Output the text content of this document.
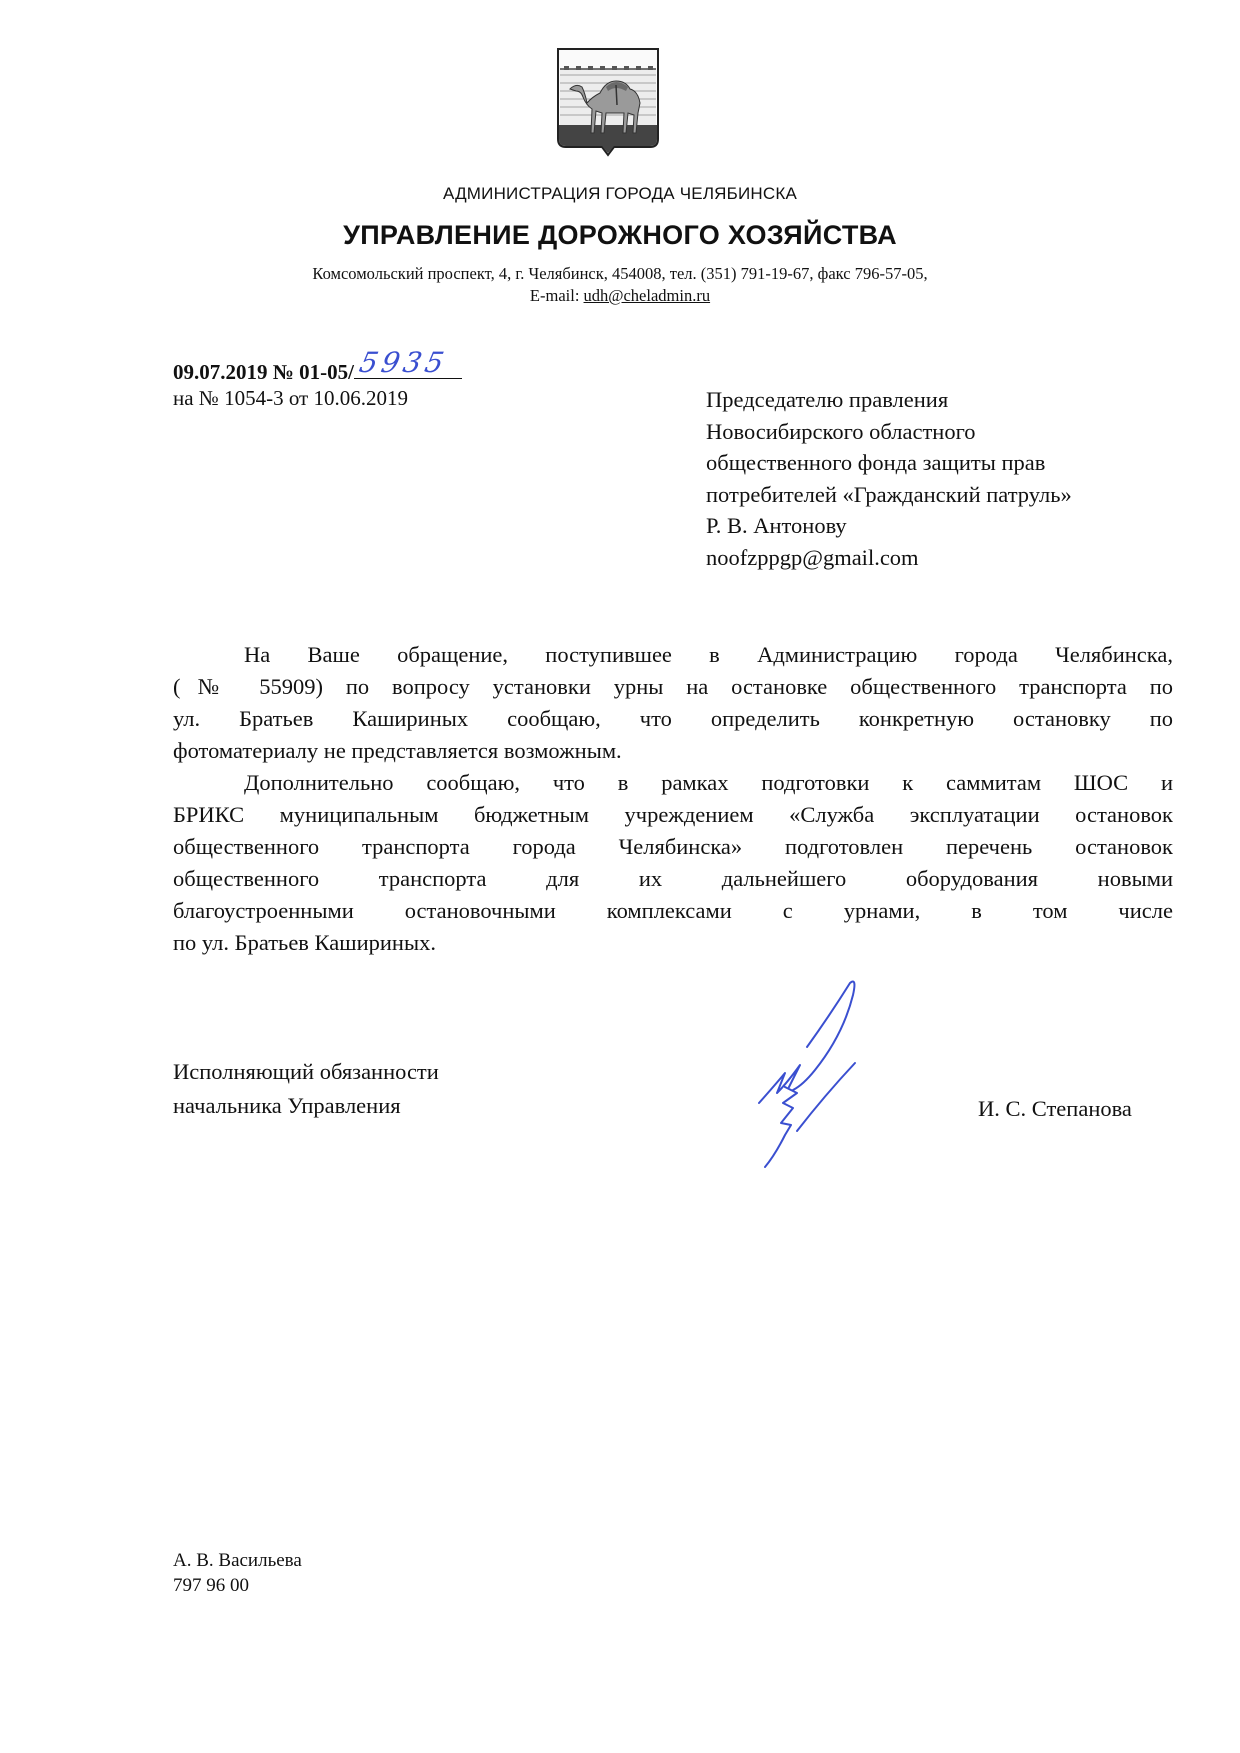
АДМИНИСТРАЦИЯ ГОРОДА ЧЕЛЯБИНСКА
УПРАВЛЕНИЕ ДОРОЖНОГО ХОЗЯЙСТВА
Комсомольский проспект, 4, г. Челябинск, 454008, тел. (351) 791-19-67, факс 796-57-05,
E-mail: udh@cheladmin.ru
09.07.2019 № 01-05/ 5935
на № 1054-3 от 10.06.2019	Председателю правления
Новосибирского областного
общественного фонда защиты прав
потребителей «Гражданский патруль»
Р. В. Антонову
noofzppgp@gmail.com
На Ваше обращение, поступившее в Администрацию города Челябинска,
(№ 55909) по вопросу установки урны на остановке общественного транспорта по
ул. Братьев Кашириных сообщаю, что определить конкретную остановку по
фотоматериалу не представляется возможным.
Дополнительно сообщаю, что в рамках подготовки к саммитам ШОС и
БРИКС муниципальным бюджетным учреждением «Служба эксплуатации остановок
общественного транспорта города Челябинска» подготовлен перечень остановок
общественного транспорта для их дальнейшего оборудования новыми
благоустроенными остановочными комплексами с урнами, в том числе
по ул. Братьев Кашириных.
Исполняющий обязанности
начальника Управления	И. С. Степанова
А. В. Васильева
797 96 00
